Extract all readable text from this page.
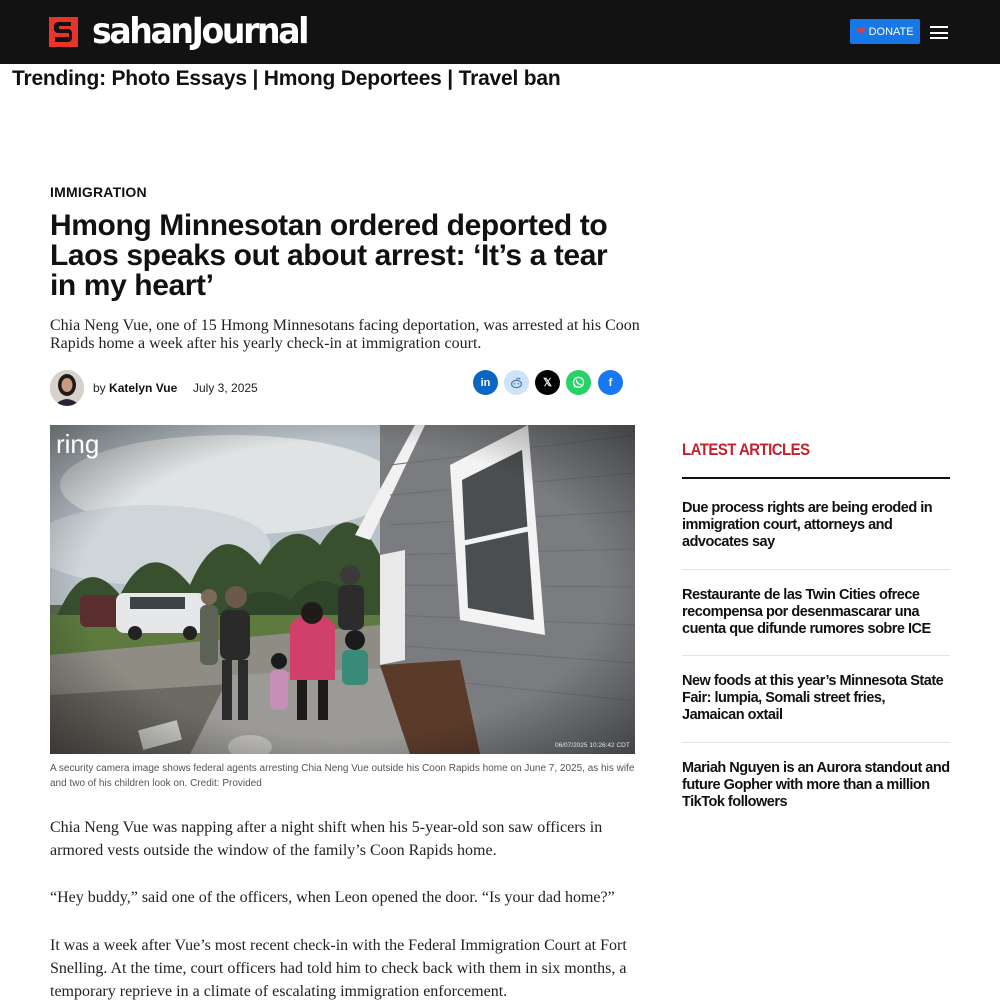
sahanJournal	❤ DONATE
Trending: Photo Essays | Hmong Deportees | Travel ban
IMMIGRATION
Hmong Minnesotan ordered deported to Laos speaks out about arrest: ‘It’s a tear in my heart’

Chia Neng Vue, one of 15 Hmong Minnesotans facing deportation, was arrested at his Coon Rapids home a week after his yearly check-in at immigration court.

by Katelyn Vue July 3, 2025	in	𝕏	f
ring
06/07/2025 10:26:42 CDT

A security camera image shows federal agents arresting Chia Neng Vue outside his Coon Rapids home on June 7, 2025, as his wife and two of his children look on. Credit: Provided

Chia Neng Vue was napping after a night shift when his 5-year-old son saw officers in armored vests outside the window of the family’s Coon Rapids home.

“Hey buddy,” said one of the officers, when Leon opened the door. “Is your dad home?”

It was a week after Vue’s most recent check-in with the Federal Immigration Court at Fort Snelling. At the time, court officers had told him to check back with them in six months, a temporary reprieve in a climate of escalating immigration enforcement.

LATEST ARTICLES
Due process rights are being eroded in immigration court, attorneys and advocates say
Restaurante de las Twin Cities ofrece recompensa por desenmascarar una cuenta que difunde rumores sobre ICE
New foods at this year’s Minnesota State Fair: lumpia, Somali street fries, Jamaican oxtail
Mariah Nguyen is an Aurora standout and future Gopher with more than a million TikTok followers
